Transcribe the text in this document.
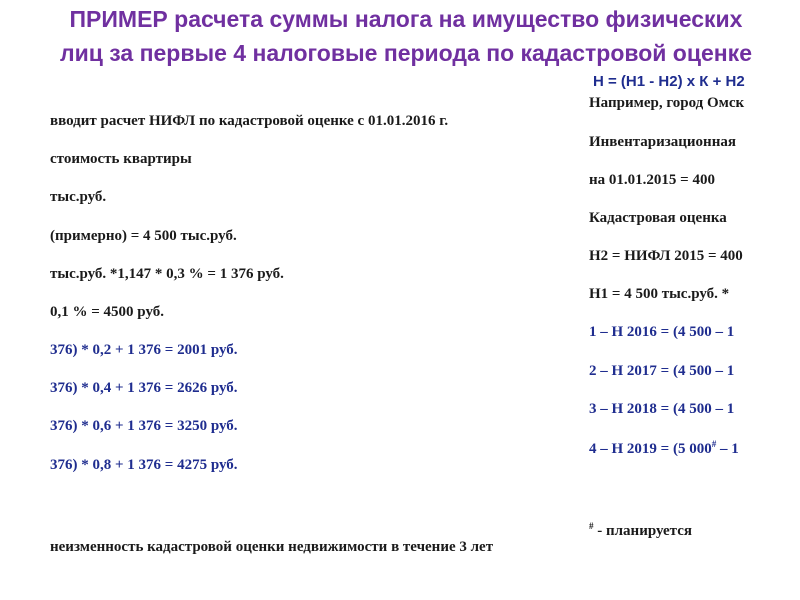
ПРИМЕР расчета суммы налога на имущество физических
лиц за первые 4 налоговые периода по кадастровой оценке
Н = (Н1 - Н2) х К + Н2
вводит расчет НИФЛ по кадастровой оценке с 01.01.2016 г.
стоимость квартиры
тыс.руб.
(примерно) = 4 500 тыс.руб.
тыс.руб. *1,147 * 0,3 % = 1 376 руб.
0,1 % = 4500 руб.
376) * 0,2 + 1 376 = 2001 руб.
376) * 0,4 + 1 376 = 2626 руб.
376) * 0,6 + 1 376 = 3250 руб.
376) * 0,8 + 1 376 = 4275 руб.
неизменность кадастровой оценки недвижимости в течение 3 лет
Например, город Омск
Инвентаризационная
на 01.01.2015 = 400
Кадастровая оценка
Н2 = НИФЛ 2015 = 400
Н1 = 4 500 тыс.руб. *
1 – Н 2016 = (4 500 – 1
2 – Н 2017 = (4 500 – 1
3 – Н 2018 = (4 500 – 1
4 – Н 2019 = (5 000# – 1
# - планируется
